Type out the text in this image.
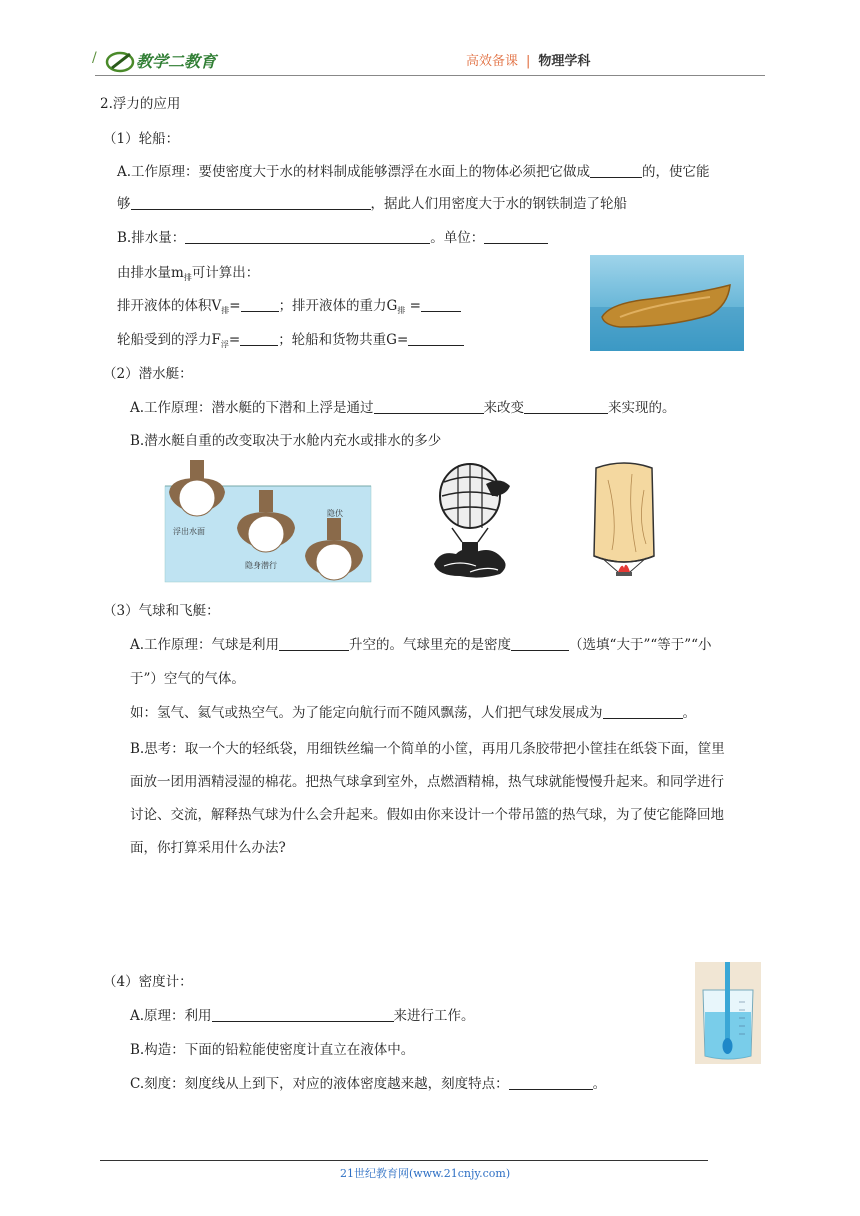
/ 教学二教育	高效备课 | 物理学科
2.浮力的应用
（1）轮船：
A.工作原理：要使密度大于水的材料制成能够漂浮在水面上的物体必须把它做成	的，使它能
够	，据此人们用密度大于水的钢铁制造了轮船
B.排水量：	。单位：
由排水量$m_排$可计算出：
排开液体的体积$V_排=$	；排开液体的重力$G_排$ =
轮船受到的浮力$F_浮=$	；轮船和货物共重G=
（2）潜水艇：
A.工作原理：潜水艇的下潜和上浮是通过	来改变	来实现的。
B.潜水艇自重的改变取决于水舱内充水或排水的多少
浮出水面
隐身潜行
隐伏
（3）气球和飞艇：
A.工作原理：气球是利用	升空的。气球里充的是密度	（选填“大于”“等于”“小
于”）空气的气体。
如：氢气、氦气或热空气。为了能定向航行而不随风飘荡，人们把气球发展成为	。
B.思考：取一个大的轻纸袋，用细铁丝编一个简单的小筐，再用几条胶带把小筐挂在纸袋下面，筐里
面放一团用酒精浸湿的棉花。把热气球拿到室外，点燃酒精棉，热气球就能慢慢升起来。和同学进行
讨论、交流，解释热气球为什么会升起来。假如由你来设计一个带吊篮的热气球，为了使它能降回地
面，你打算采用什么办法?
（4）密度计：
A.原理：利用	来进行工作。
B.构造：下面的铅粒能使密度计直立在液体中。
C.刻度：刻度线从上到下，对应的液体密度越来越，刻度特点：	。
21世纪教育网(www.21cnjy.com)
